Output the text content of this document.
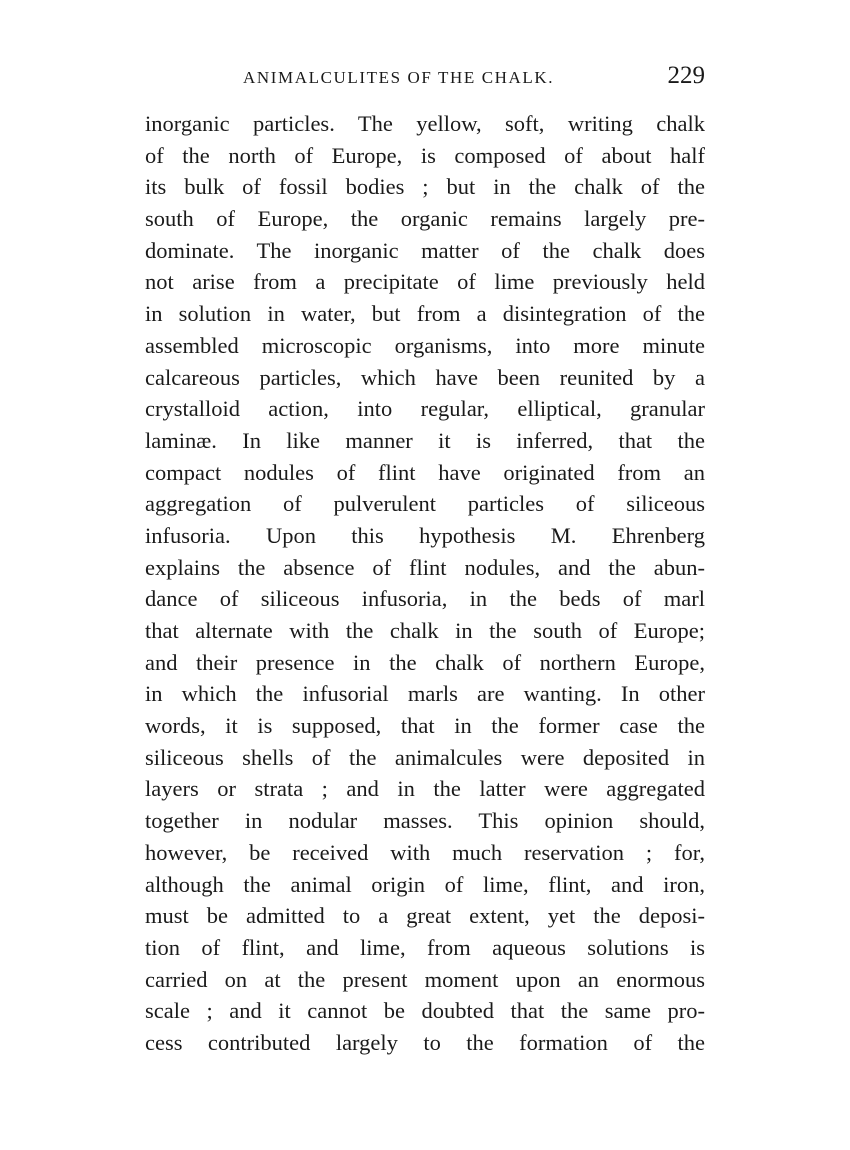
ANIMALCULITES OF THE CHALK.	229
inorganic particles. The yellow, soft, writing chalk
of the north of Europe, is composed of about half
its bulk of fossil bodies ; but in the chalk of the
south of Europe, the organic remains largely pre-
dominate. The inorganic matter of the chalk does
not arise from a precipitate of lime previously held
in solution in water, but from a disintegration of the
assembled microscopic organisms, into more minute
calcareous particles, which have been reunited by a
crystalloid action, into regular, elliptical, granular
laminæ. In like manner it is inferred, that the
compact nodules of flint have originated from an
aggregation of pulverulent particles of siliceous
infusoria. Upon this hypothesis M. Ehrenberg
explains the absence of flint nodules, and the abun-
dance of siliceous infusoria, in the beds of marl
that alternate with the chalk in the south of Europe;
and their presence in the chalk of northern Europe,
in which the infusorial marls are wanting. In other
words, it is supposed, that in the former case the
siliceous shells of the animalcules were deposited in
layers or strata ; and in the latter were aggregated
together in nodular masses. This opinion should,
however, be received with much reservation ; for,
although the animal origin of lime, flint, and iron,
must be admitted to a great extent, yet the deposi-
tion of flint, and lime, from aqueous solutions is
carried on at the present moment upon an enormous
scale ; and it cannot be doubted that the same pro-
cess contributed largely to the formation of the
